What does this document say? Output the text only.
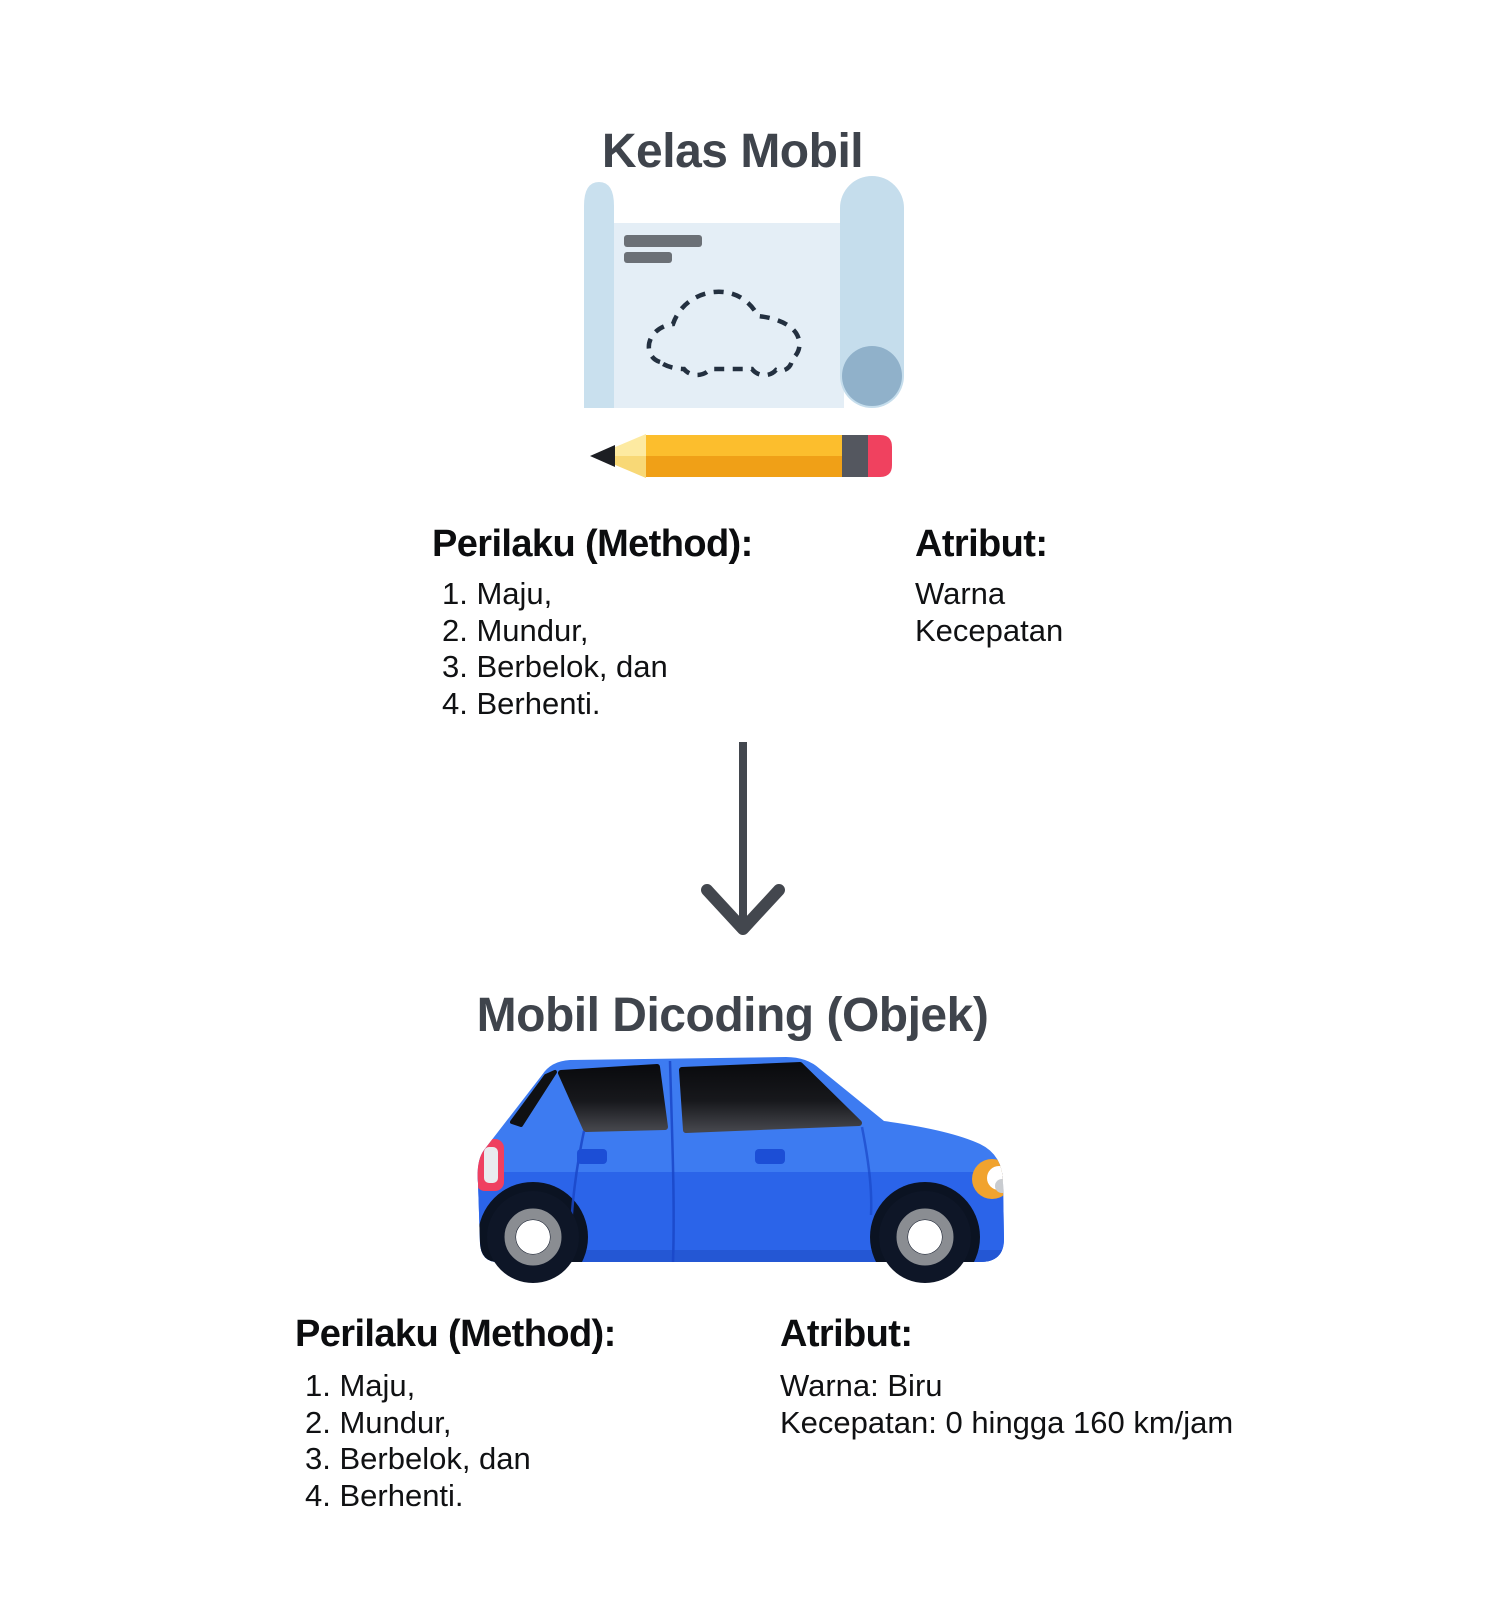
Kelas Mobil
Perilaku (Method):
1. Maju,
2. Mundur,
3. Berbelok, dan
4. Berhenti.
Atribut:
Warna
Kecepatan
Mobil Dicoding (Objek)
Perilaku (Method):
1. Maju,
2. Mundur,
3. Berbelok, dan
4. Berhenti.
Atribut:
Warna: Biru
Kecepatan: 0 hingga 160 km/jam
